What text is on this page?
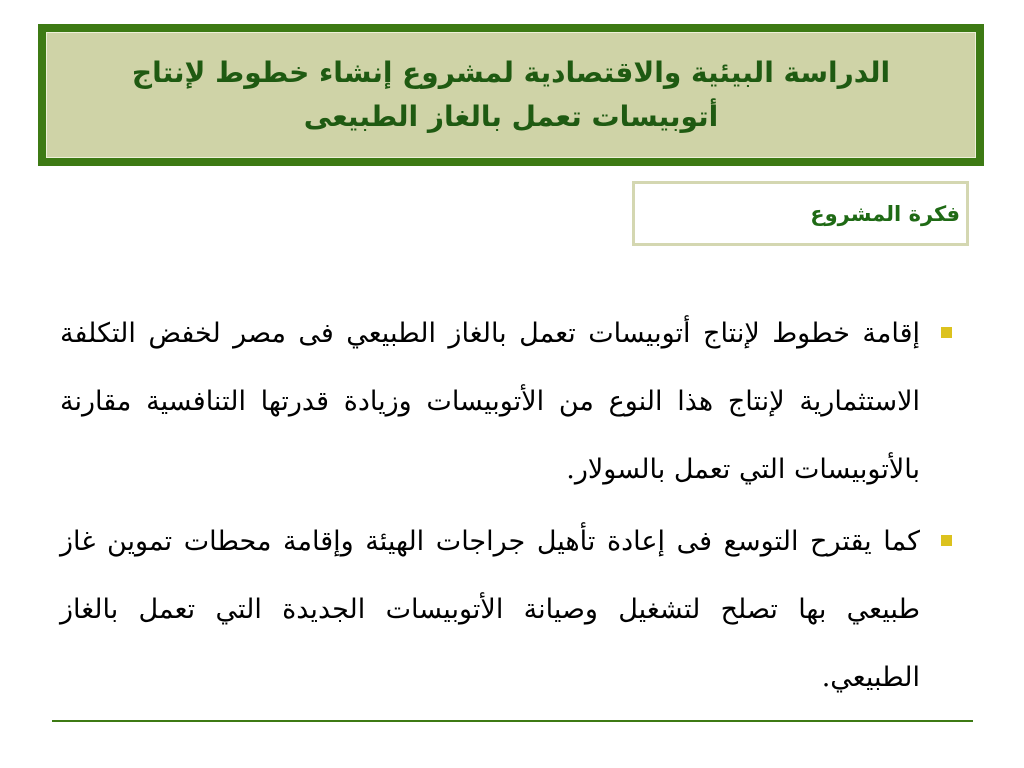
الدراسة البيئية والاقتصادية لمشروع إنشاء خطوط لإنتاج
أتوبيسات تعمل بالغاز الطبيعى
فكرة المشروع
إقامة خطوط لإنتاج أتوبيسات تعمل بالغاز الطبيعي فى مصر لخفض التكلفة الاستثمارية لإنتاج هذا النوع من الأتوبيسات وزيادة قدرتها التنافسية مقارنة بالأتوبيسات التي تعمل بالسولار.
كما يقترح التوسع فى إعادة تأهيل جراجات الهيئة وإقامة محطات تموين غاز طبيعي بها تصلح لتشغيل وصيانة الأتوبيسات الجديدة التي تعمل بالغاز الطبيعي.
